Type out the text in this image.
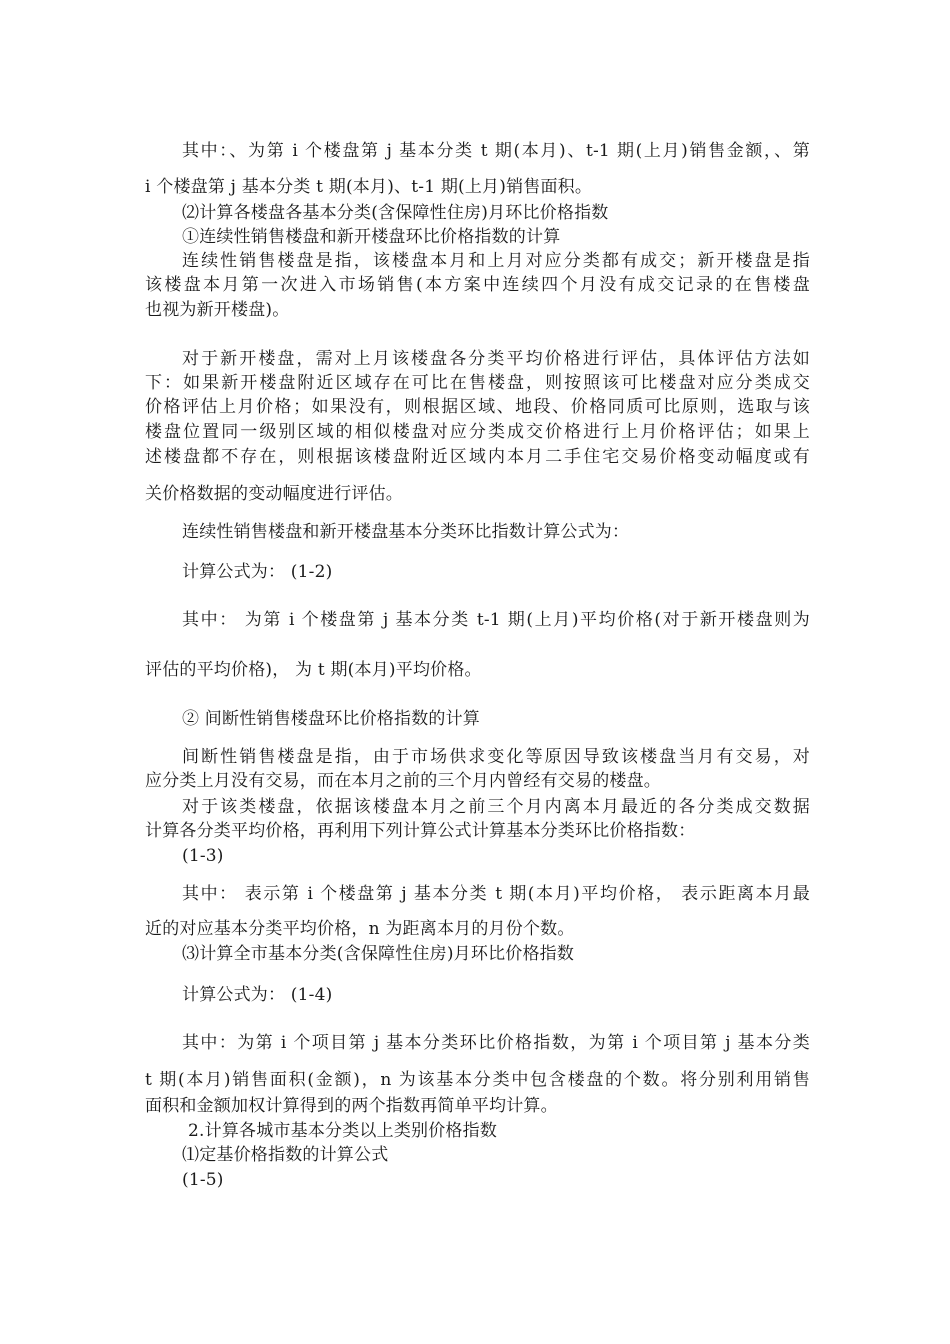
其中：、为第 i 个楼盘第 j 基本分类 t 期(本月)、t-1 期(上月)销售金额，、第
i 个楼盘第 j 基本分类 t 期(本月)、t-1 期(上月)销售面积。
⑵计算各楼盘各基本分类(含保障性住房)月环比价格指数
①连续性销售楼盘和新开楼盘环比价格指数的计算
连续性销售楼盘是指，该楼盘本月和上月对应分类都有成交；新开楼盘是指
该楼盘本月第一次进入市场销售(本方案中连续四个月没有成交记录的在售楼盘
也视为新开楼盘)。
对于新开楼盘，需对上月该楼盘各分类平均价格进行评估，具体评估方法如
下：如果新开楼盘附近区域存在可比在售楼盘，则按照该可比楼盘对应分类成交
价格评估上月价格；如果没有，则根据区域、地段、价格同质可比原则，选取与该
楼盘位置同一级别区域的相似楼盘对应分类成交价格进行上月价格评估；如果上
述楼盘都不存在，则根据该楼盘附近区域内本月二手住宅交易价格变动幅度或有
关价格数据的变动幅度进行评估。
连续性销售楼盘和新开楼盘基本分类环比指数计算公式为：
计算公式为： (1-2)
其中： 为第 i 个楼盘第 j 基本分类 t-1 期(上月)平均价格(对于新开楼盘则为
评估的平均价格)， 为 t 期(本月)平均价格。
② 间断性销售楼盘环比价格指数的计算
间断性销售楼盘是指，由于市场供求变化等原因导致该楼盘当月有交易，对
应分类上月没有交易，而在本月之前的三个月内曾经有交易的楼盘。
对于该类楼盘，依据该楼盘本月之前三个月内离本月最近的各分类成交数据
计算各分类平均价格，再利用下列计算公式计算基本分类环比价格指数：
(1-3)
其中： 表示第 i 个楼盘第 j 基本分类 t 期(本月)平均价格， 表示距离本月最
近的对应基本分类平均价格，n 为距离本月的月份个数。
⑶计算全市基本分类(含保障性住房)月环比价格指数
计算公式为： (1-4)
其中：为第 i 个项目第 j 基本分类环比价格指数，为第 i 个项目第 j 基本分类
t 期(本月)销售面积(金额)，n 为该基本分类中包含楼盘的个数。将分别利用销售
面积和金额加权计算得到的两个指数再简单平均计算。
2.计算各城市基本分类以上类别价格指数
⑴定基价格指数的计算公式
(1-5)
